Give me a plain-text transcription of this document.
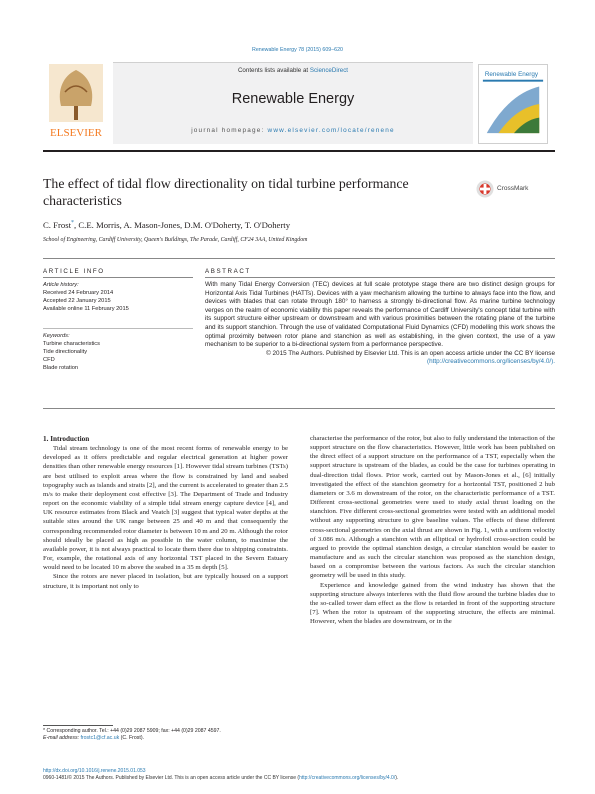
Renewable Energy 78 (2015) 609–620
ELSEVIER
Contents lists available at ScienceDirect
Renewable Energy
journal homepage: www.elsevier.com/locate/renene
Renewable Energy
The effect of tidal flow directionality on tidal turbine performance characteristics
CrossMark
C. Frost*, C.E. Morris, A. Mason-Jones, D.M. O'Doherty, T. O'Doherty
School of Engineering, Cardiff University, Queen's Buildings, The Parade, Cardiff, CF24 3AA, United Kingdom
ARTICLE INFO	ABSTRACT
Article history:
Received 24 February 2014
Accepted 22 January 2015
Available online 11 February 2015
Keywords:
Turbine characteristics
Tide directionality
CFD
Blade rotation

With many Tidal Energy Conversion (TEC) devices at full scale prototype stage there are two distinct design groups for Horizontal Axis Tidal Turbines (HATTs). Devices with a yaw mechanism allowing the turbine to always face into the flow, and devices with blades that can rotate through 180° to harness a strongly bi-directional flow. As marine turbine technology verges on the realm of economic viability this paper reveals the performance of Cardiff University's concept tidal turbine with its support structure either upstream or downstream and with various proximities between the rotating plane of the turbine and its support stanchion. Through the use of validated Computational Fluid Dynamics (CFD) modelling this work shows the optimal proximity between rotor plane and stanchion as well as establishing, in the given context, the use of a yaw mechanism to be superior to a bi-directional system from a performance perspective.

© 2015 The Authors. Published by Elsevier Ltd. This is an open access article under the CC BY license

(http://creativecommons.org/licenses/by/4.0/).

1. Introduction

Tidal stream technology is one of the most recent forms of renewable energy to be developed as it offers predictable and regular electrical generation at higher power densities than other renewable energy resources [1]. However tidal stream turbines (TSTs) are best utilised to exploit areas where the flow is constrained by land and seabed topography such as islands and straits [2], and the current is accelerated to greater than 2.5 m/s to make their deployment cost effective [3]. The Department of Trade and Industry report on the economic viability of a simple tidal stream energy capture device [4], and UK resource estimates from Black and Veatch [3] suggest that typical water depths at the suitable sites around the UK range between 25 and 40 m and that consequently the corresponding recommended rotor diameter is between 10 m and 20 m. Although the rotor should ideally be placed as high as possible in the water column, to maximise the available power, it is not always practical to locate them there due to shipping constraints. For, example, the rotational axis of any horizontal TST placed in the Severn Estuary would need to be located 10 m above the seabed in a 35 m depth [5].

Since the rotors are never placed in isolation, but are typically housed on a support structure, it is important not only to

characterise the performance of the rotor, but also to fully understand the interaction of the support structure on the flow characteristics. However, little work has been published on the direct effect of a support structure on the performance of a TST, especially when the support structure is upstream of the blades, as could be the case for turbines operating in dual-direction tidal flows. Prior work, carried out by Mason-Jones et al., [6] initially investigated the effect of the stanchion geometry for a horizontal TST, positioned 2 hub diameters or 3.6 m downstream of the rotor, on the characteristic performance of a TST. Different cross-sectional geometries were used to study axial thrust loading on the stanchion. Five different cross-sectional geometries were tested with an additional model without any supporting structure to give baseline values. The effects of these different cross-sectional geometries on the axial thrust are shown in Fig. 1, with a uniform velocity of 3.086 m/s. Although a stanchion with an elliptical or hydrofoil cross-section could be argued to provide the optimal stanchion design, a circular stanchion would be easier to manufacture and as such the circular stanchion was proposed as the stanchion design, based on a compromise between the various factors. As such the circular stanchion geometry will be used in this study.

Experience and knowledge gained from the wind industry has shown that the supporting structure always interferes with the fluid flow around the turbine blades due to the so-called tower dam effect as the flow is retarded in front of the supporting structure [7]. When the rotor is upstream of the supporting structure, the effects are minimal. However, when the blades are downstream, or in the

* Corresponding author. Tel.: +44 (0)29 2087 5909; fax: +44 (0)29 2087 4597.
E-mail address: frostc1@cf.ac.uk (C. Frost).
http://dx.doi.org/10.1016/j.renene.2015.01.053
0960-1481/© 2015 The Authors. Published by Elsevier Ltd. This is an open access article under the CC BY license (http://creativecommons.org/licenses/by/4.0/).
